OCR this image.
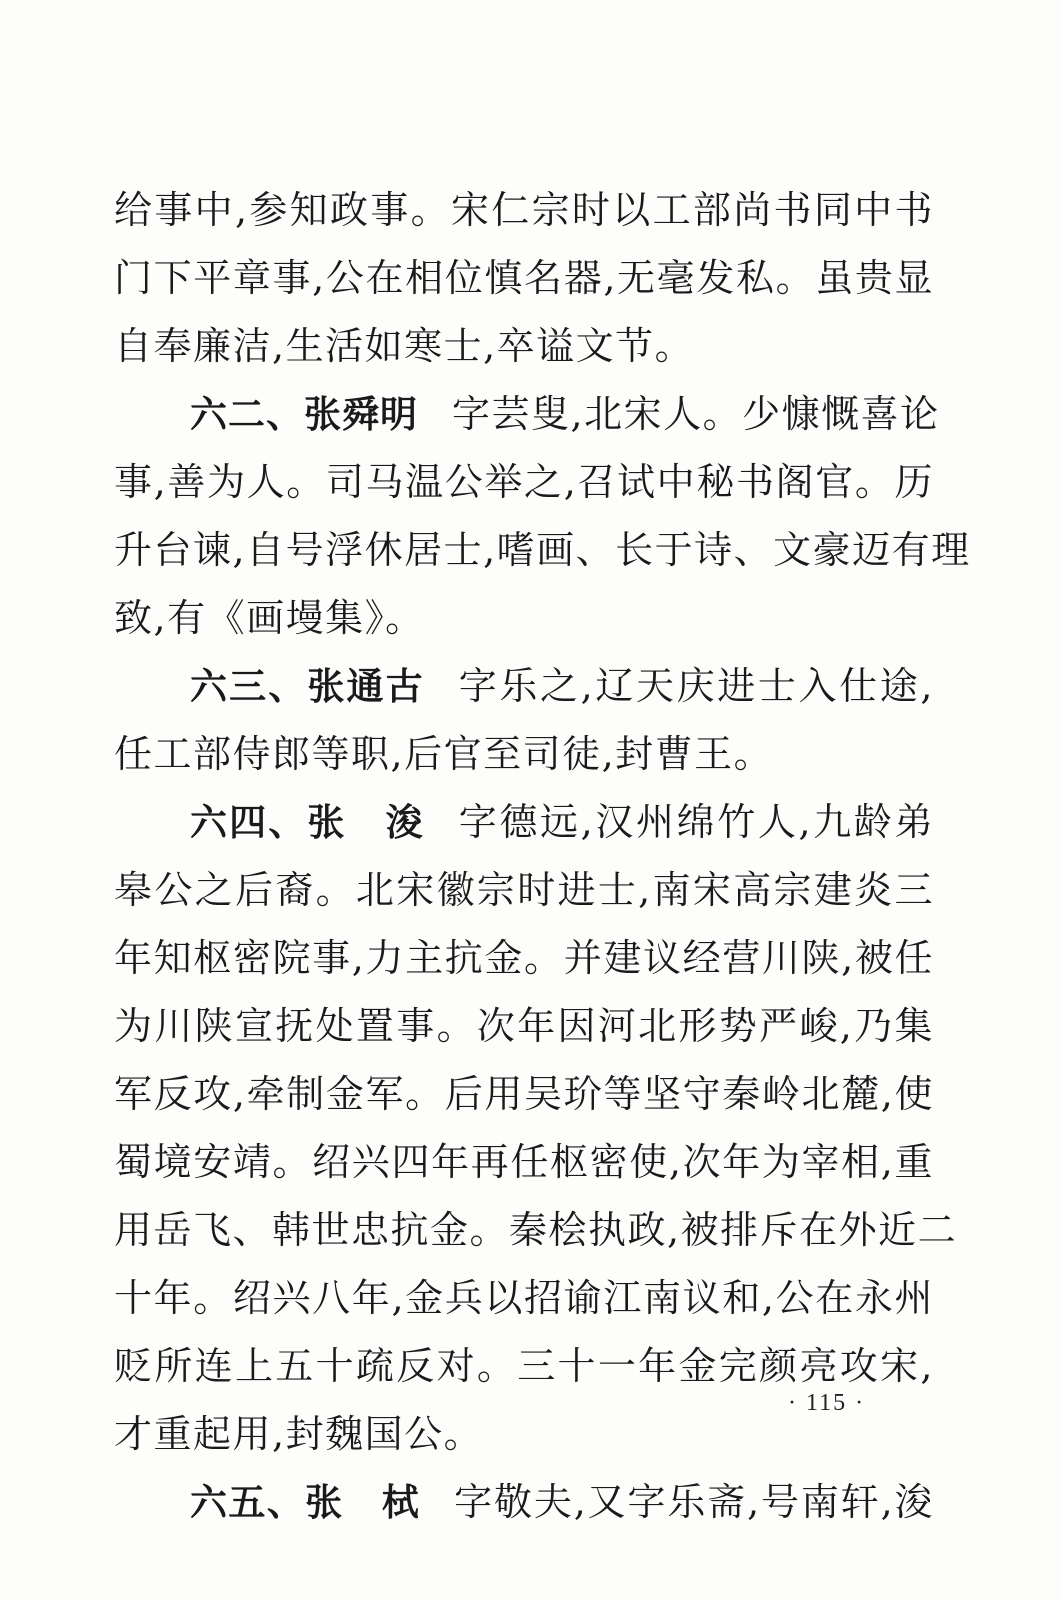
给事中,参知政事。宋仁宗时以工部尚书同中书
门下平章事,公在相位慎名器,无毫发私。虽贵显
自奉廉洁,生活如寒士,卒谥文节。
六二、张舜明 字芸叟,北宋人。少慷慨喜论
事,善为人。司马温公举之,召试中秘书阁官。历
升台谏,自号浮休居士,嗜画、长于诗、文豪迈有理
致,有《画墁集》。
六三、张通古 字乐之,辽天庆进士入仕途,
任工部侍郎等职,后官至司徒,封曹王。
六四、张　浚 字德远,汉州绵竹人,九龄弟
皋公之后裔。北宋徽宗时进士,南宋高宗建炎三
年知枢密院事,力主抗金。并建议经营川陕,被任
为川陕宣抚处置事。次年因河北形势严峻,乃集
军反攻,牵制金军。后用吴玠等坚守秦岭北麓,使
蜀境安靖。绍兴四年再任枢密使,次年为宰相,重
用岳飞、韩世忠抗金。秦桧执政,被排斥在外近二
十年。绍兴八年,金兵以招谕江南议和,公在永州
贬所连上五十疏反对。三十一年金完颜亮攻宋,
才重起用,封魏国公。
六五、张　栻 字敬夫,又字乐斋,号南轩,浚
· 115 ·
